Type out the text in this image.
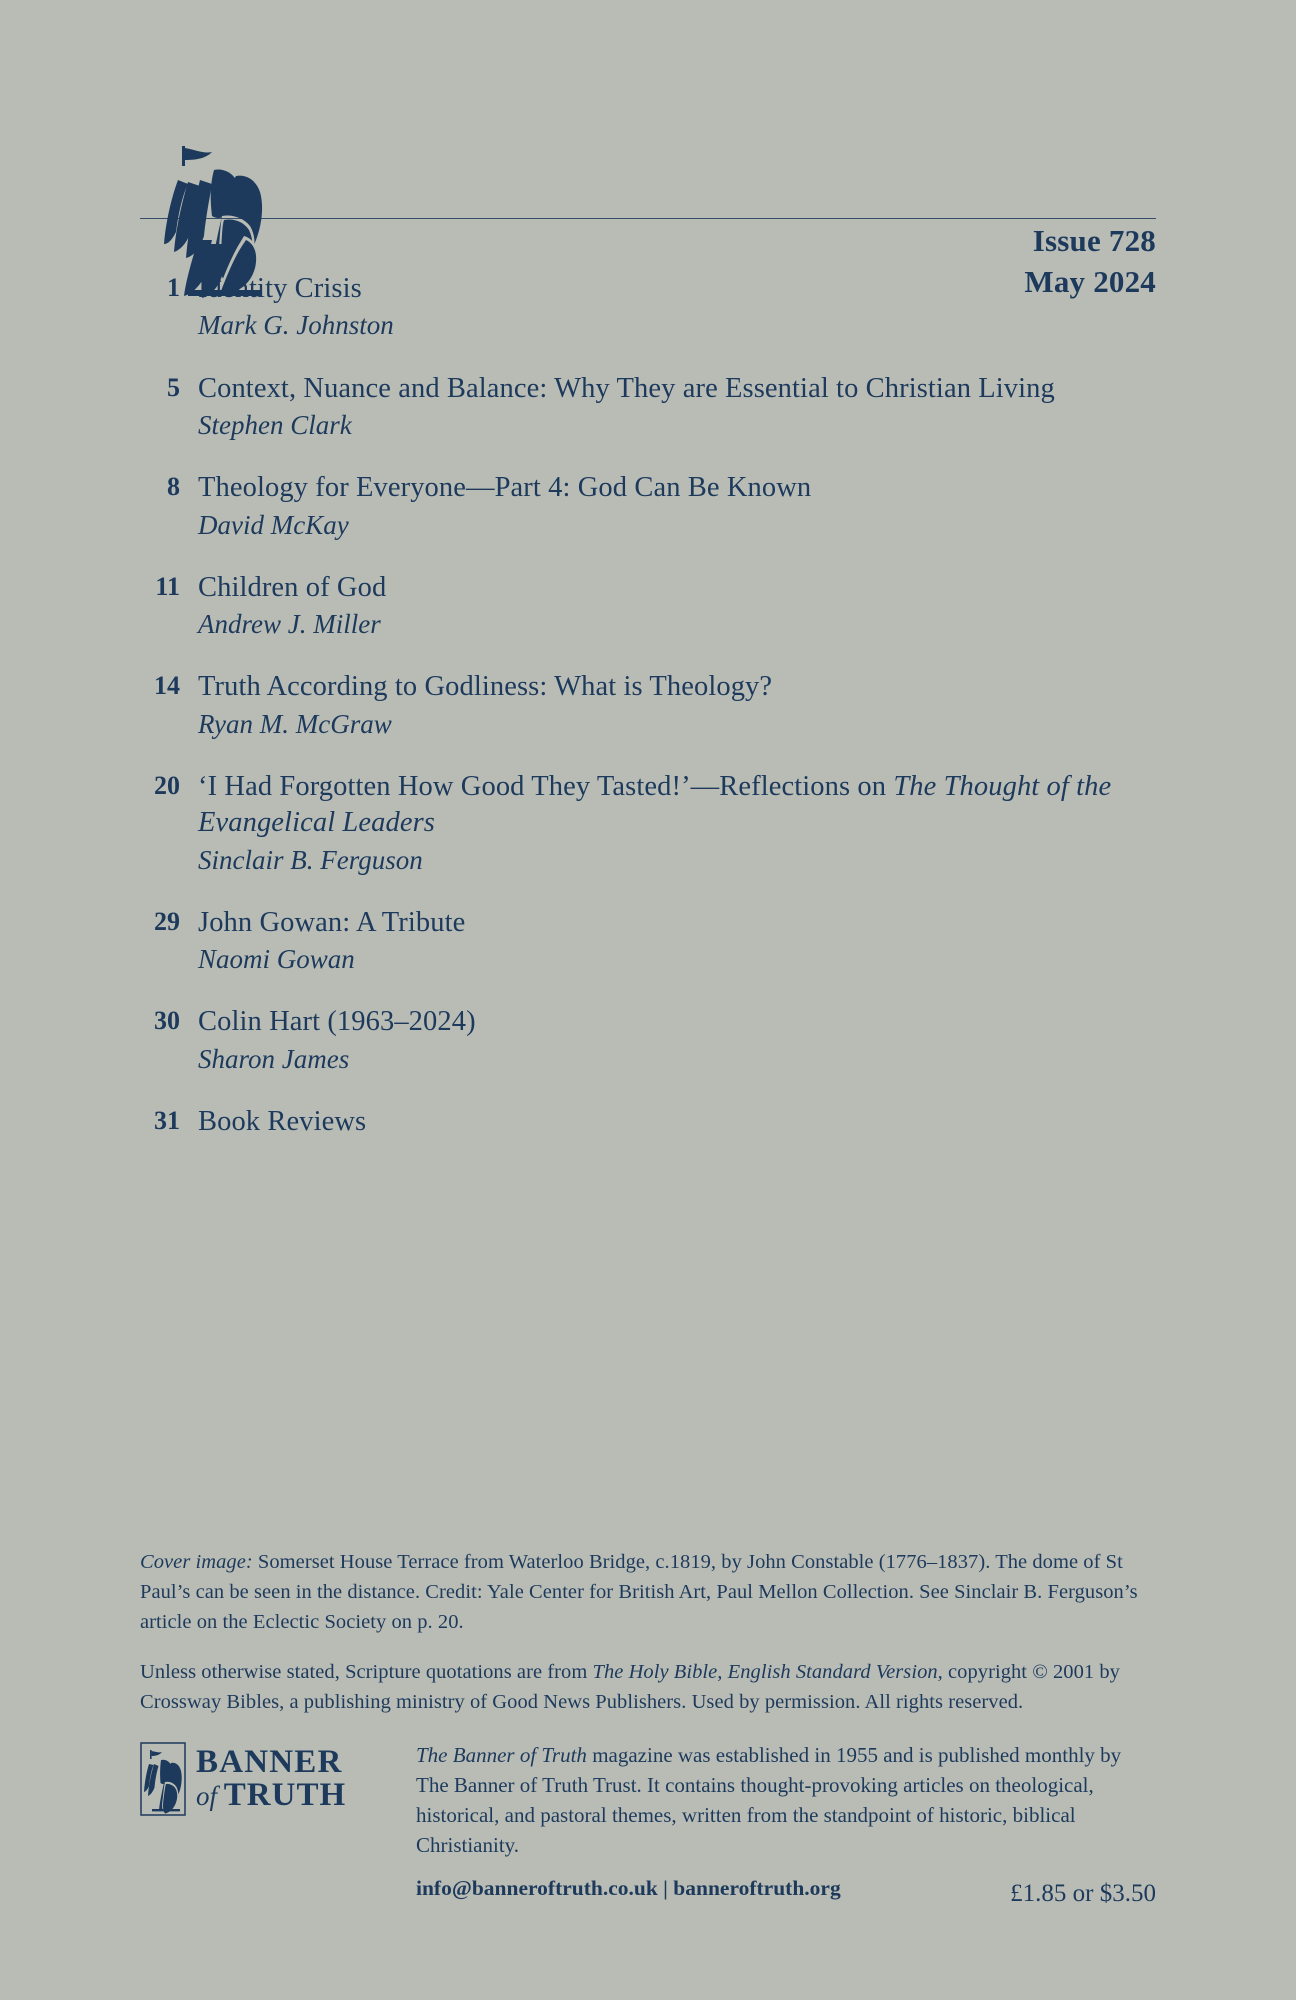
Issue 728
May 2024
1 Identity Crisis
Mark G. Johnston
5 Context, Nuance and Balance: Why They are Essential to Christian Living
Stephen Clark
8 Theology for Everyone—Part 4: God Can Be Known
David McKay
11 Children of God
Andrew J. Miller
14 Truth According to Godliness: What is Theology?
Ryan M. McGraw
20 ‘I Had Forgotten How Good They Tasted!’—Reflections on The Thought of the Evangelical Leaders
Sinclair B. Ferguson
29 John Gowan: A Tribute
Naomi Gowan
30 Colin Hart (1963–2024)
Sharon James
31 Book Reviews
Cover image: Somerset House Terrace from Waterloo Bridge, c.1819, by John Constable (1776–1837). The dome of St Paul’s can be seen in the distance. Credit: Yale Center for British Art, Paul Mellon Collection. See Sinclair B. Ferguson’s article on the Eclectic Society on p. 20.
Unless otherwise stated, Scripture quotations are from The Holy Bible, English Standard Version, copyright © 2001 by Crossway Bibles, a publishing ministry of Good News Publishers. Used by permission. All rights reserved.
BANNER
of TRUTH
The Banner of Truth magazine was established in 1955 and is published monthly by The Banner of Truth Trust. It contains thought-provoking articles on theological, historical, and pastoral themes, written from the standpoint of historic, biblical Christianity.
info@banneroftruth.co.uk | banneroftruth.org	£1.85 or $3.50
